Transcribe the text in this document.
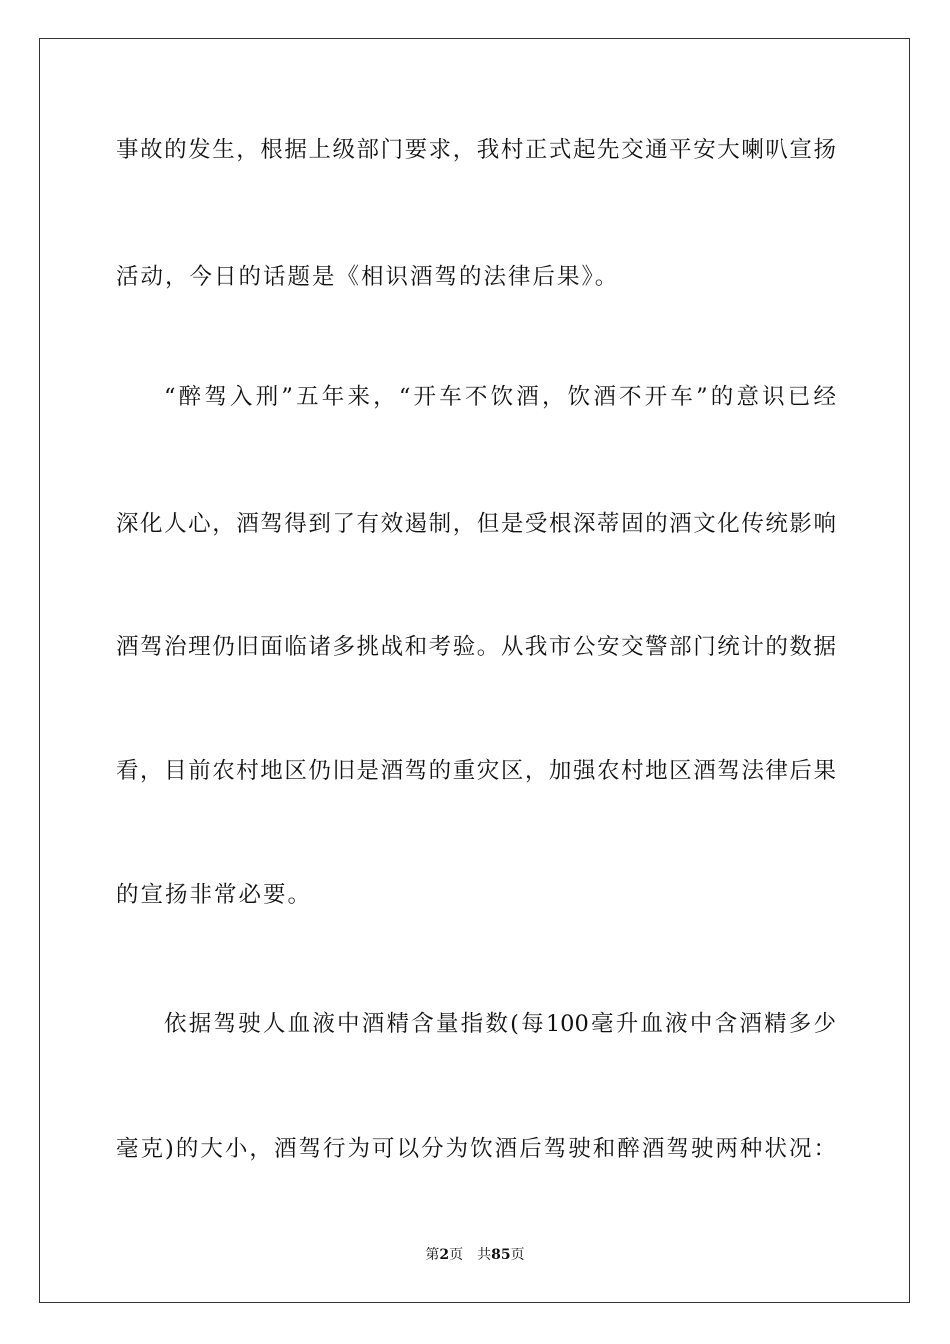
事故的发生，根据上级部门要求，我村正式起先交通平安大喇叭宣扬
活动，今日的话题是《相识酒驾的法律后果》。
“醉驾入刑”五年来，“开车不饮酒，饮酒不开车”的意识已经
深化人心，酒驾得到了有效遏制，但是受根深蒂固的酒文化传统影响
酒驾治理仍旧面临诸多挑战和考验。从我市公安交警部门统计的数据
看，目前农村地区仍旧是酒驾的重灾区，加强农村地区酒驾法律后果
的宣扬非常必要。
依据驾驶人血液中酒精含量指数(每100毫升血液中含酒精多少
毫克)的大小，酒驾行为可以分为饮酒后驾驶和醉酒驾驶两种状况：
第2页 共85页
